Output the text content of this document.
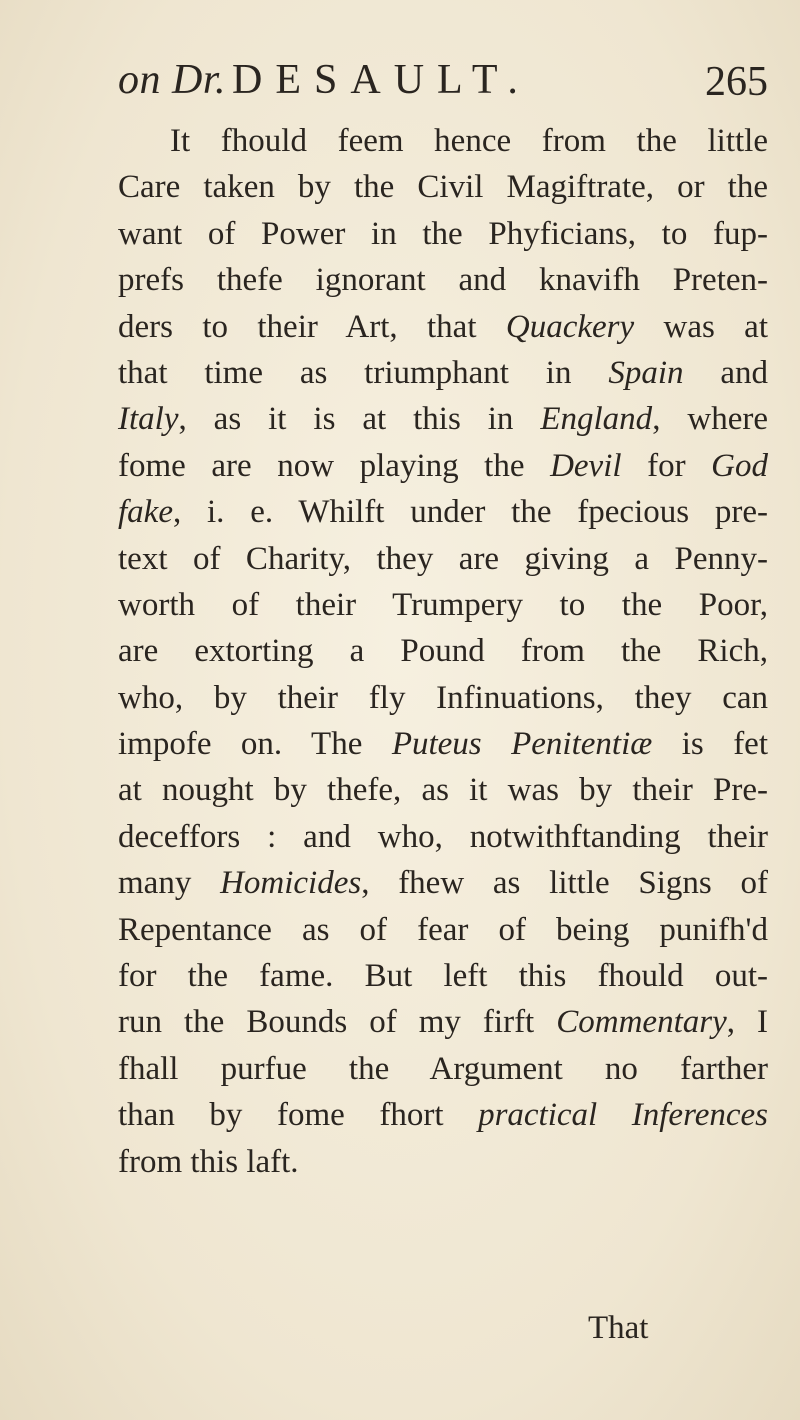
on Dr. DESAULT.	265
It fhould feem hence from the little
Care taken by the Civil Magiftrate, or the
want of Power in the Phyficians, to fup-
prefs thefe ignorant and knavifh Preten-
ders to their Art, that Quackery was at
that time as triumphant in Spain and
Italy, as it is at this in England, where
fome are now playing the Devil for God
fake, i. e. Whilft under the fpecious pre-
text of Charity, they are giving a Penny-
worth of their Trumpery to the Poor,
are extorting a Pound from the Rich,
who, by their fly Infinuations, they can
impofe on. The Puteus Penitentiæ is fet
at nought by thefe, as it was by their Pre-
deceffors : and who, notwithftanding their
many Homicides, fhew as little Signs of
Repentance as of fear of being punifh'd
for the fame. But left this fhould out-
run the Bounds of my firft Commentary, I
fhall purfue the Argument no farther
than by fome fhort practical Inferences
from this laft.
That
